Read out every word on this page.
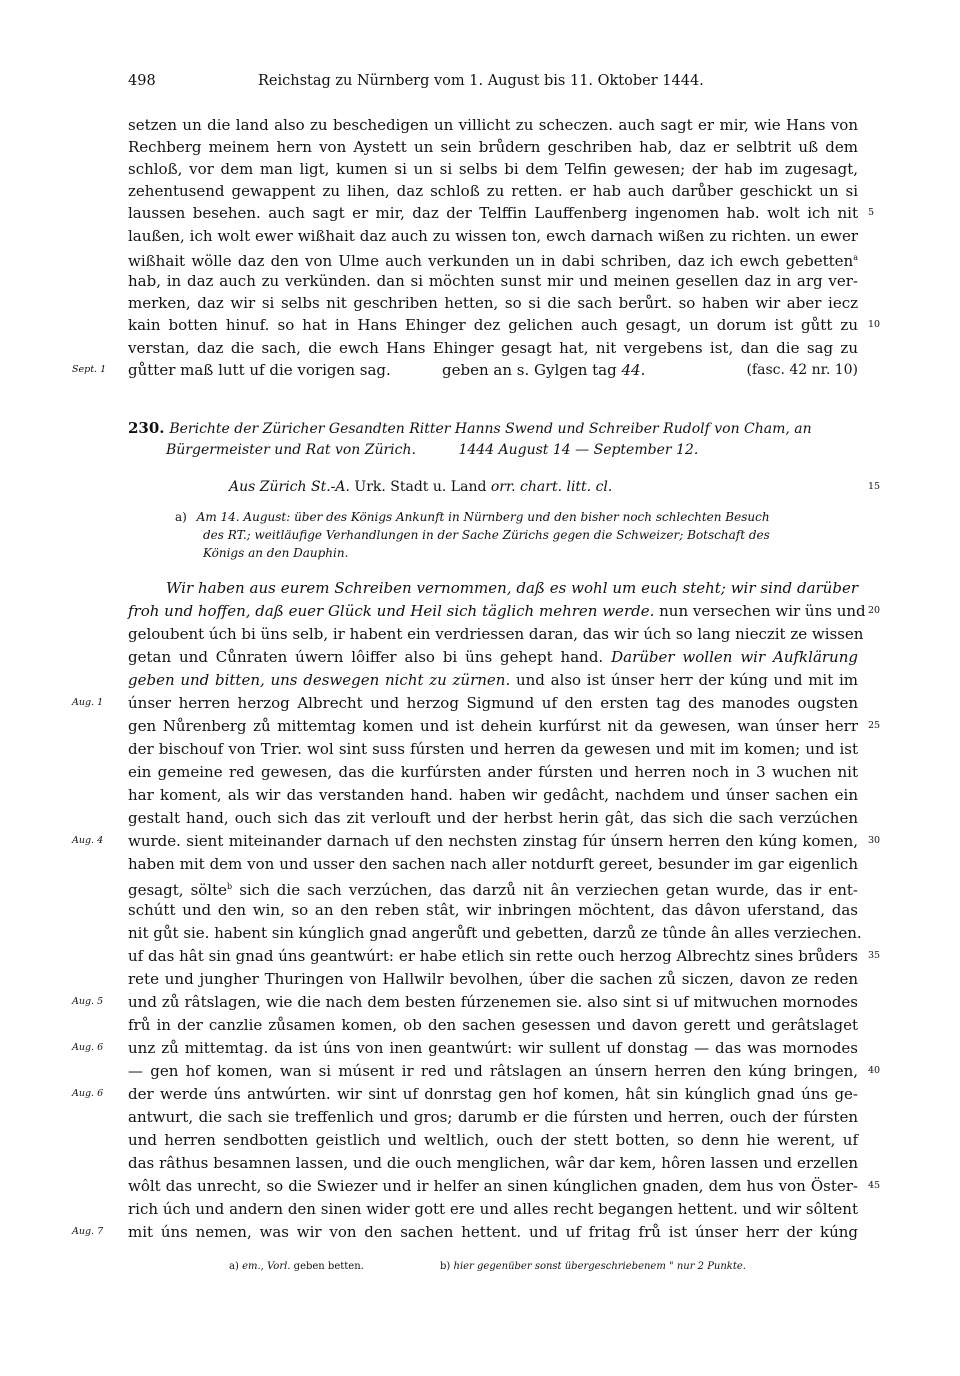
498	Reichstag zu Nürnberg vom 1. August bis 11. Oktober 1444.
setzen un die land also zu beschedigen un villicht zu scheczen. auch sagt er mir, wie Hans von
Rechberg meinem hern von Aystett un sein brůdern geschriben hab, daz er selbtrit uß dem
schloß, vor dem man ligt, kumen si un si selbs bi dem Telfin gewesen; der hab im zugesagt,
zehentusend gewappent zu lihen, daz schloß zu retten. er hab auch darůber geschickt un si
laussen besehen. auch sagt er mir, daz der Telffin Lauffenberg ingenomen hab. wolt ich nit
laußen, ich wolt ewer wißhait daz auch zu wissen ton, ewch darnach wißen zu richten. un ewer
wißhait wölle daz den von Ulme auch verkunden un in dabi schriben, daz ich ewch gebetten$^a$
hab, in daz auch zu verkünden. dan si möchten sunst mir und meinen gesellen daz in arg ver-
merken, daz wir si selbs nit geschriben hetten, so si die sach berůrt. so haben wir aber iecz
kain botten hinuf. so hat in Hans Ehinger dez gelichen auch gesagt, un dorum ist gůtt zu
verstan, daz die sach, die ewch Hans Ehinger gesagt hat, nit vergebens ist, dan die sag zu
gůtter maß lutt uf die vorigen sag.	geben an s. Gylgen tag 44.	(fasc. 42 nr. 10)
230. Berichte der Züricher Gesandten Ritter Hanns Swend und Schreiber Rudolf von Cham, an
Bürgermeister und Rat von Zürich.	1444 August 14 — September 12.
Aus Zürich St.-A. Urk. Stadt u. Land orr. chart. litt. cl.
a) Am 14. August: über des Königs Ankunft in Nürnberg und den bisher noch schlechten Besuch
des RT.; weitläufige Verhandlungen in der Sache Zürichs gegen die Schweizer; Botschaft des
Königs an den Dauphin.
Wir haben aus eurem Schreiben vernommen, daß es wohl um euch steht; wir sind darüber
froh und hoffen, daß euer Glück und Heil sich täglich mehren werde. nun versechen wir üns und
geloubent úch bi üns selb, ir habent ein verdriessen daran, das wir úch so lang nieczit ze wissen
getan und Cůnraten úwern lôiffer also bi üns gehept hand. Darüber wollen wir Aufklärung
geben und bitten, uns deswegen nicht zu zürnen. und also ist únser herr der kúng und mit im
únser herren herzog Albrecht und herzog Sigmund uf den ersten tag des manodes ougsten
gen Nůrenberg zů mittemtag komen und ist dehein kurfúrst nit da gewesen, wan únser herr
der bischouf von Trier. wol sint suss fúrsten und herren da gewesen und mit im komen; und ist
ein gemeine red gewesen, das die kurfúrsten ander fúrsten und herren noch in 3 wuchen nit
har koment, als wir das verstanden hand. haben wir gedâcht, nachdem und únser sachen ein
gestalt hand, ouch sich das zit verlouft und der herbst herin gât, das sich die sach verzúchen
wurde. sient miteinander darnach uf den nechsten zinstag fúr únsern herren den kúng komen,
haben mit dem von und usser den sachen nach aller notdurft gereet, besunder im gar eigenlich
gesagt, sölte$^b$ sich die sach verzúchen, das darzů nit ân verziechen getan wurde, das ir ent-
schútt und den win, so an den reben stât, wir inbringen möchtent, das dâvon uferstand, das
nit gůt sie. habent sin kúnglich gnad angerůft und gebetten, darzů ze tûnde ân alles verziechen.
uf das hât sin gnad úns geantwúrt: er habe etlich sin rette ouch herzog Albrechtz sines brůders
rete und jungher Thuringen von Hallwilr bevolhen, úber die sachen zů siczen, davon ze reden
und zů râtslagen, wie die nach dem besten fúrzenemen sie. also sint si uf mitwuchen mornodes
frů in der canzlie zůsamen komen, ob den sachen gesessen und davon gerett und gerâtslaget
unz zů mittemtag. da ist úns von inen geantwúrt: wir sullent uf donstag — das was mornodes
— gen hof komen, wan si músent ir red und râtslagen an únsern herren den kúng bringen,
der werde úns antwúrten. wir sint uf donrstag gen hof komen, hât sin kúnglich gnad úns ge-
antwurt, die sach sie treffenlich und gros; darumb er die fúrsten und herren, ouch der fúrsten
und herren sendbotten geistlich und weltlich, ouch der stett botten, so denn hie werent, uf
das râthus besamnen lassen, und die ouch menglichen, wâr dar kem, hôren lassen und erzellen
wôlt das unrecht, so die Swiezer und ir helfer an sinen kúnglichen gnaden, dem hus von Öster-
rich úch und andern den sinen wider gott ere und alles recht begangen hettent. und wir sôltent
mit úns nemen, was wir von den sachen hettent. und uf fritag frů ist únser herr der kúng
Sept. 1
Aug. 1
Aug. 4
Aug. 5
Aug. 6
Aug. 6
Aug. 7
5
10
15
20
25
30
35
40
45
a) em., Vorl. geben betten.	b) hier gegenüber sonst übergeschriebenem " nur 2 Punkte.
